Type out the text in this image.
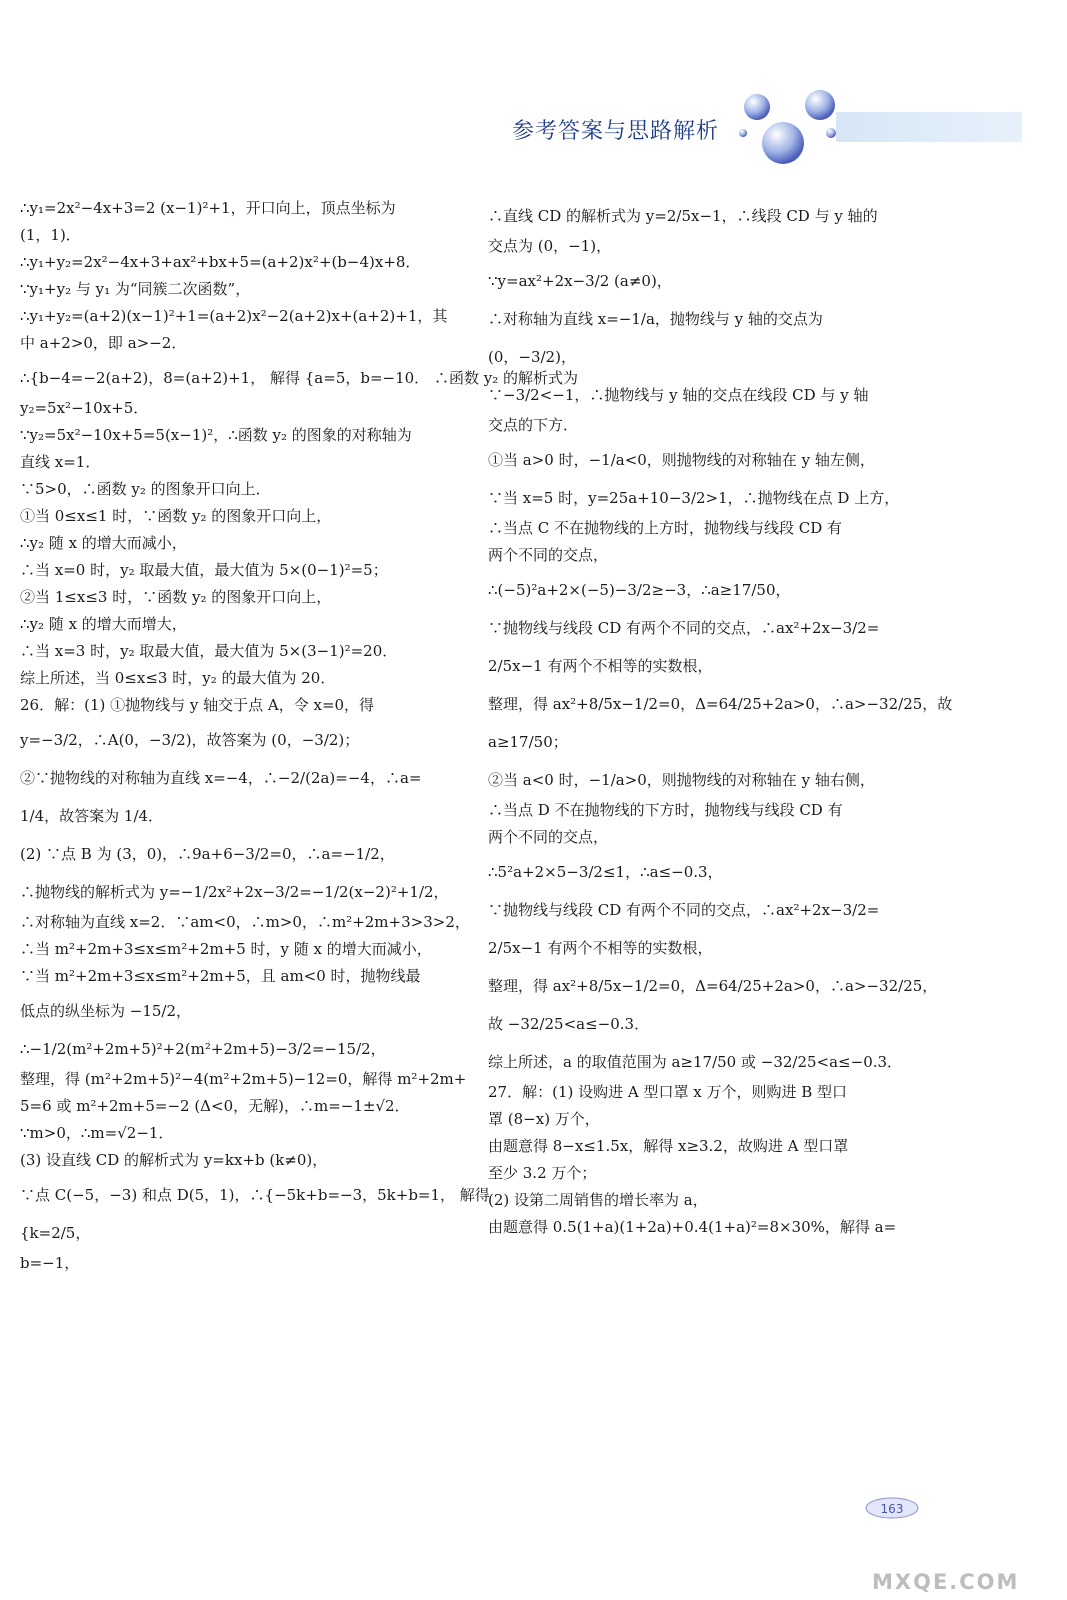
参考答案与思路解析
∴y₁=2x²−4x+3=2 (x−1)²+1，开口向上，顶点坐标为
(1，1)．
∴y₁+y₂=2x²−4x+3+ax²+bx+5=(a+2)x²+(b−4)x+8．
∵y₁+y₂ 与 y₁ 为“同簇二次函数”，
∴y₁+y₂=(a+2)(x−1)²+1=(a+2)x²−2(a+2)x+(a+2)+1，其
中 a+2>0，即 a>−2．
∴{b−4=−2(a+2)，8=(a+2)+1， 解得 {a=5，b=−10． ∴函数 y₂ 的解析式为
y₂=5x²−10x+5．
∵y₂=5x²−10x+5=5(x−1)²，∴函数 y₂ 的图象的对称轴为
直线 x=1．
∵5>0，∴函数 y₂ 的图象开口向上．
①当 0≤x≤1 时，∵函数 y₂ 的图象开口向上，
∴y₂ 随 x 的增大而减小，
∴当 x=0 时，y₂ 取最大值，最大值为 5×(0−1)²=5；
②当 1≤x≤3 时，∵函数 y₂ 的图象开口向上，
∴y₂ 随 x 的增大而增大，
∴当 x=3 时，y₂ 取最大值，最大值为 5×(3−1)²=20．
综上所述，当 0≤x≤3 时，y₂ 的最大值为 20．
26．解：(1) ①抛物线与 y 轴交于点 A，令 x=0，得
y=−3/2，∴A(0，−3/2)，故答案为 (0，−3/2)；
②∵抛物线的对称轴为直线 x=−4，∴−2/(2a)=−4，∴a=
1/4，故答案为 1/4．
(2) ∵点 B 为 (3，0)，∴9a+6−3/2=0，∴a=−1/2，
∴抛物线的解析式为 y=−1/2x²+2x−3/2=−1/2(x−2)²+1/2，
∴对称轴为直线 x=2．∵am<0，∴m>0，∴m²+2m+3>3>2，
∴当 m²+2m+3≤x≤m²+2m+5 时，y 随 x 的增大而减小，
∵当 m²+2m+3≤x≤m²+2m+5，且 am<0 时，抛物线最
低点的纵坐标为 −15/2，
∴−1/2(m²+2m+5)²+2(m²+2m+5)−3/2=−15/2，
整理，得 (m²+2m+5)²−4(m²+2m+5)−12=0，解得 m²+2m+
5=6 或 m²+2m+5=−2 (Δ<0，无解)，∴m=−1±√2．
∵m>0，∴m=√2−1．
(3) 设直线 CD 的解析式为 y=kx+b (k≠0)，
∵点 C(−5，−3) 和点 D(5，1)，∴{−5k+b=−3，5k+b=1， 解得
{k=2/5，
b=−1，
∴直线 CD 的解析式为 y=2/5x−1，∴线段 CD 与 y 轴的
交点为 (0，−1)，
∵y=ax²+2x−3/2 (a≠0)，
∴对称轴为直线 x=−1/a，抛物线与 y 轴的交点为
(0，−3/2)，
∵−3/2<−1，∴抛物线与 y 轴的交点在线段 CD 与 y 轴
交点的下方．
①当 a>0 时，−1/a<0，则抛物线的对称轴在 y 轴左侧，
∵当 x=5 时，y=25a+10−3/2>1，∴抛物线在点 D 上方，
∴当点 C 不在抛物线的上方时，抛物线与线段 CD 有
两个不同的交点，
∴(−5)²a+2×(−5)−3/2≥−3，∴a≥17/50，
∵抛物线与线段 CD 有两个不同的交点，∴ax²+2x−3/2=
2/5x−1 有两个不相等的实数根，
整理，得 ax²+8/5x−1/2=0，Δ=64/25+2a>0，∴a>−32/25，故
a≥17/50；
②当 a<0 时，−1/a>0，则抛物线的对称轴在 y 轴右侧，
∴当点 D 不在抛物线的下方时，抛物线与线段 CD 有
两个不同的交点，
∴5²a+2×5−3/2≤1，∴a≤−0.3，
∵抛物线与线段 CD 有两个不同的交点，∴ax²+2x−3/2=
2/5x−1 有两个不相等的实数根，
整理，得 ax²+8/5x−1/2=0，Δ=64/25+2a>0，∴a>−32/25，
故 −32/25<a≤−0.3．
综上所述，a 的取值范围为 a≥17/50 或 −32/25<a≤−0.3．
27．解：(1) 设购进 A 型口罩 x 万个，则购进 B 型口
罩 (8−x) 万个，
由题意得 8−x≤1.5x，解得 x≥3.2，故购进 A 型口罩
至少 3.2 万个；
(2) 设第二周销售的增长率为 a，
由题意得 0.5(1+a)(1+2a)+0.4(1+a)²=8×30%，解得 a=
163
MXQE.COM
